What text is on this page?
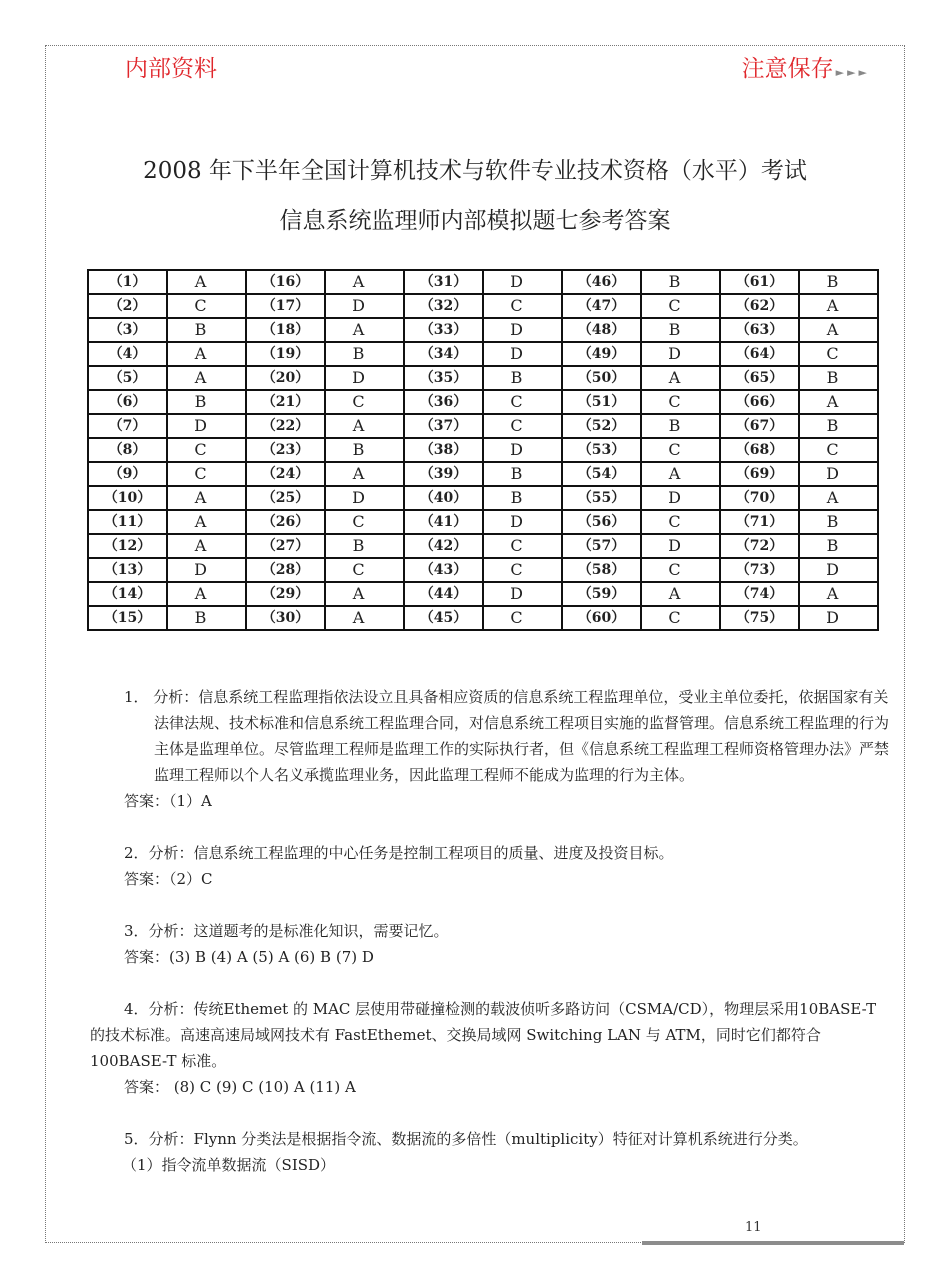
内部资料	注意保存 ►►►
2008 年下半年全国计算机技术与软件专业技术资格（水平）考试
信息系统监理师内部模拟题七参考答案
（1）	A	（16）	A	（31）	D	（46）	B	（61）	B
（2）	C	（17）	D	（32）	C	（47）	C	（62）	A
（3）	B	（18）	A	（33）	D	（48）	B	（63）	A
（4）	A	（19）	B	（34）	D	（49）	D	（64）	C
（5）	A	（20）	D	（35）	B	（50）	A	（65）	B
（6）	B	（21）	C	（36）	C	（51）	C	（66）	A
（7）	D	（22）	A	（37）	C	（52）	B	（67）	B
（8）	C	（23）	B	（38）	D	（53）	C	（68）	C
（9）	C	（24）	A	（39）	B	（54）	A	（69）	D
（10）	A	（25）	D	（40）	B	（55）	D	（70）	A
（11）	A	（26）	C	（41）	D	（56）	C	（71）	B
（12）	A	（27）	B	（42）	C	（57）	D	（72）	B
（13）	D	（28）	C	（43）	C	（58）	C	（73）	D
（14）	A	（29）	A	（44）	D	（59）	A	（74）	A
（15）	B	（30）	A	（45）	C	（60）	C	（75）	D

1． 分析：信息系统工程监理指依法设立且具备相应资质的信息系统工程监理单位，受业主单位委托，依据国家有关法律法规、技术标准和信息系统工程监理合同，对信息系统工程项目实施的监督管理。信息系统工程监理的行为主体是监理单位。尽管监理工程师是监理工作的实际执行者，但《信息系统工程监理工程师资格管理办法》严禁监理工程师以个人名义承揽监理业务，因此监理工程师不能成为监理的行为主体。

答案：（1）A

2．分析：信息系统工程监理的中心任务是控制工程项目的质量、进度及投资目标。

答案：（2）C

3．分析：这道题考的是标准化知识，需要记忆。

答案：(3) B (4) A (5) A (6) B (7) D

4．分析：传统Ethemet 的 MAC 层使用带碰撞检测的载波侦听多路访问（CSMA/CD），物理层采用10BASE-T 的技术标准。高速高速局域网技术有 FastEthemet、交换局域网 Switching LAN 与 ATM，同时它们都符合 100BASE-T 标准。

答案： (8) C (9) C (10) A (11) A

5．分析：Flynn 分类法是根据指令流、数据流的多倍性（multiplicity）特征对计算机系统进行分类。

（1）指令流单数据流（SISD）

11
